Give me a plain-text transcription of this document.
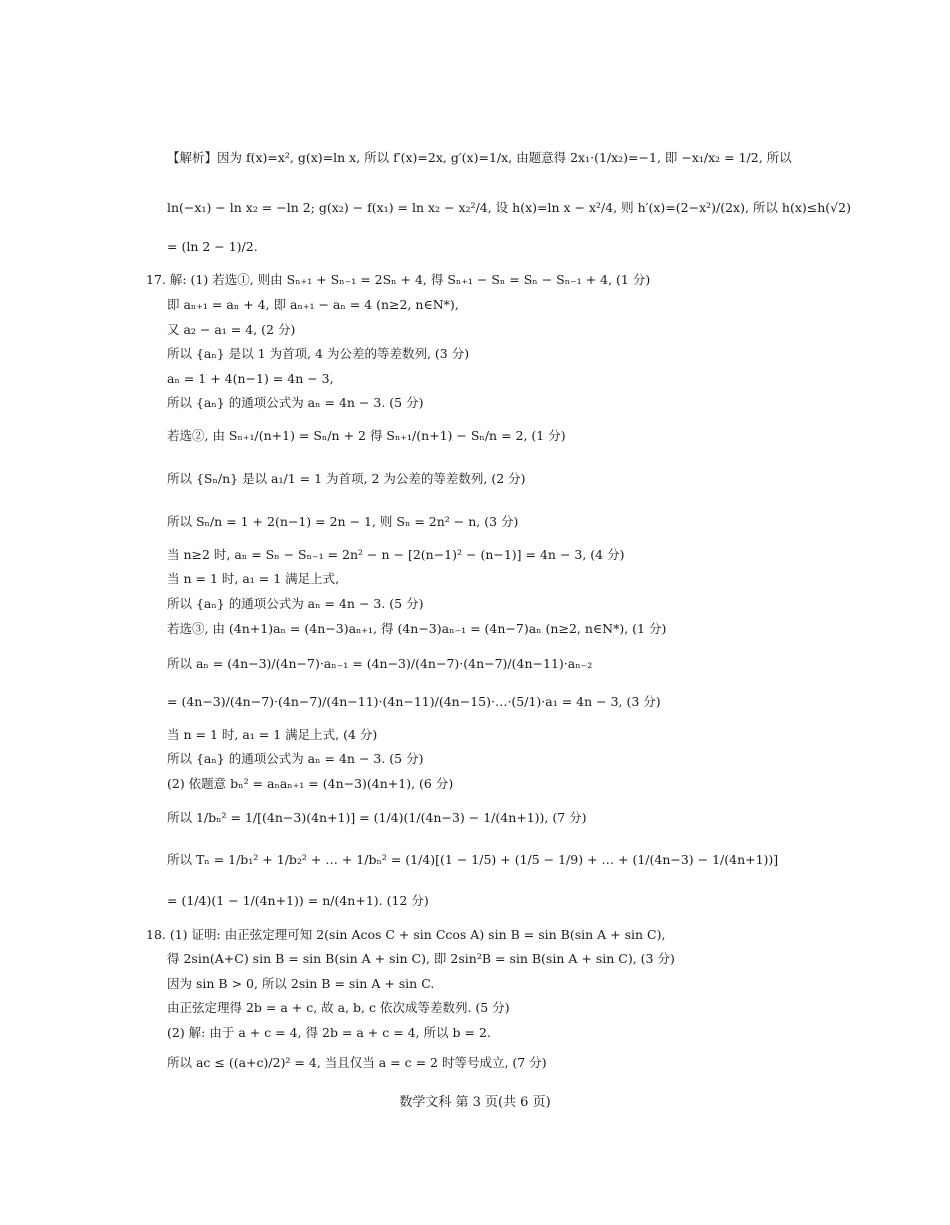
【解析】因为 f(x)=x², g(x)=ln x, 所以 f′(x)=2x, g′(x)=1/x, 由题意得 2x₁·(1/x₂)=−1, 即 −x₁/x₂ = 1/2, 所以
ln(−x₁) − ln x₂ = −ln 2; g(x₂) − f(x₁) = ln x₂ − x₂²/4, 设 h(x)=ln x − x²/4, 则 h′(x)=(2−x²)/(2x), 所以 h(x)≤h(√2)
= (ln 2 − 1)/2.
17. 解: (1) 若选①, 则由 Sₙ₊₁ + Sₙ₋₁ = 2Sₙ + 4, 得 Sₙ₊₁ − Sₙ = Sₙ − Sₙ₋₁ + 4, (1 分)
即 aₙ₊₁ = aₙ + 4, 即 aₙ₊₁ − aₙ = 4 (n≥2, n∈N*),
又 a₂ − a₁ = 4, (2 分)
所以 {aₙ} 是以 1 为首项, 4 为公差的等差数列, (3 分)
aₙ = 1 + 4(n−1) = 4n − 3,
所以 {aₙ} 的通项公式为 aₙ = 4n − 3. (5 分)
若选②, 由 Sₙ₊₁/(n+1) = Sₙ/n + 2 得 Sₙ₊₁/(n+1) − Sₙ/n = 2, (1 分)
所以 {Sₙ/n} 是以 a₁/1 = 1 为首项, 2 为公差的等差数列, (2 分)
所以 Sₙ/n = 1 + 2(n−1) = 2n − 1, 则 Sₙ = 2n² − n, (3 分)
当 n≥2 时, aₙ = Sₙ − Sₙ₋₁ = 2n² − n − [2(n−1)² − (n−1)] = 4n − 3, (4 分)
当 n = 1 时, a₁ = 1 满足上式,
所以 {aₙ} 的通项公式为 aₙ = 4n − 3. (5 分)
若选③, 由 (4n+1)aₙ = (4n−3)aₙ₊₁, 得 (4n−3)aₙ₋₁ = (4n−7)aₙ (n≥2, n∈N*), (1 分)
所以 aₙ = (4n−3)/(4n−7)·aₙ₋₁ = (4n−3)/(4n−7)·(4n−7)/(4n−11)·aₙ₋₂
= (4n−3)/(4n−7)·(4n−7)/(4n−11)·(4n−11)/(4n−15)·…·(5/1)·a₁ = 4n − 3, (3 分)
当 n = 1 时, a₁ = 1 满足上式, (4 分)
所以 {aₙ} 的通项公式为 aₙ = 4n − 3. (5 分)
(2) 依题意 bₙ² = aₙaₙ₊₁ = (4n−3)(4n+1), (6 分)
所以 1/bₙ² = 1/[(4n−3)(4n+1)] = (1/4)(1/(4n−3) − 1/(4n+1)), (7 分)
所以 Tₙ = 1/b₁² + 1/b₂² + … + 1/bₙ² = (1/4)[(1 − 1/5) + (1/5 − 1/9) + … + (1/(4n−3) − 1/(4n+1))]
= (1/4)(1 − 1/(4n+1)) = n/(4n+1). (12 分)
18. (1) 证明: 由正弦定理可知 2(sin Acos C + sin Ccos A) sin B = sin B(sin A + sin C),
得 2sin(A+C) sin B = sin B(sin A + sin C), 即 2sin²B = sin B(sin A + sin C), (3 分)
因为 sin B > 0, 所以 2sin B = sin A + sin C.
由正弦定理得 2b = a + c, 故 a, b, c 依次成等差数列. (5 分)
(2) 解: 由于 a + c = 4, 得 2b = a + c = 4, 所以 b = 2.
所以 ac ≤ ((a+c)/2)² = 4, 当且仅当 a = c = 2 时等号成立, (7 分)
数学文科 第 3 页(共 6 页)
